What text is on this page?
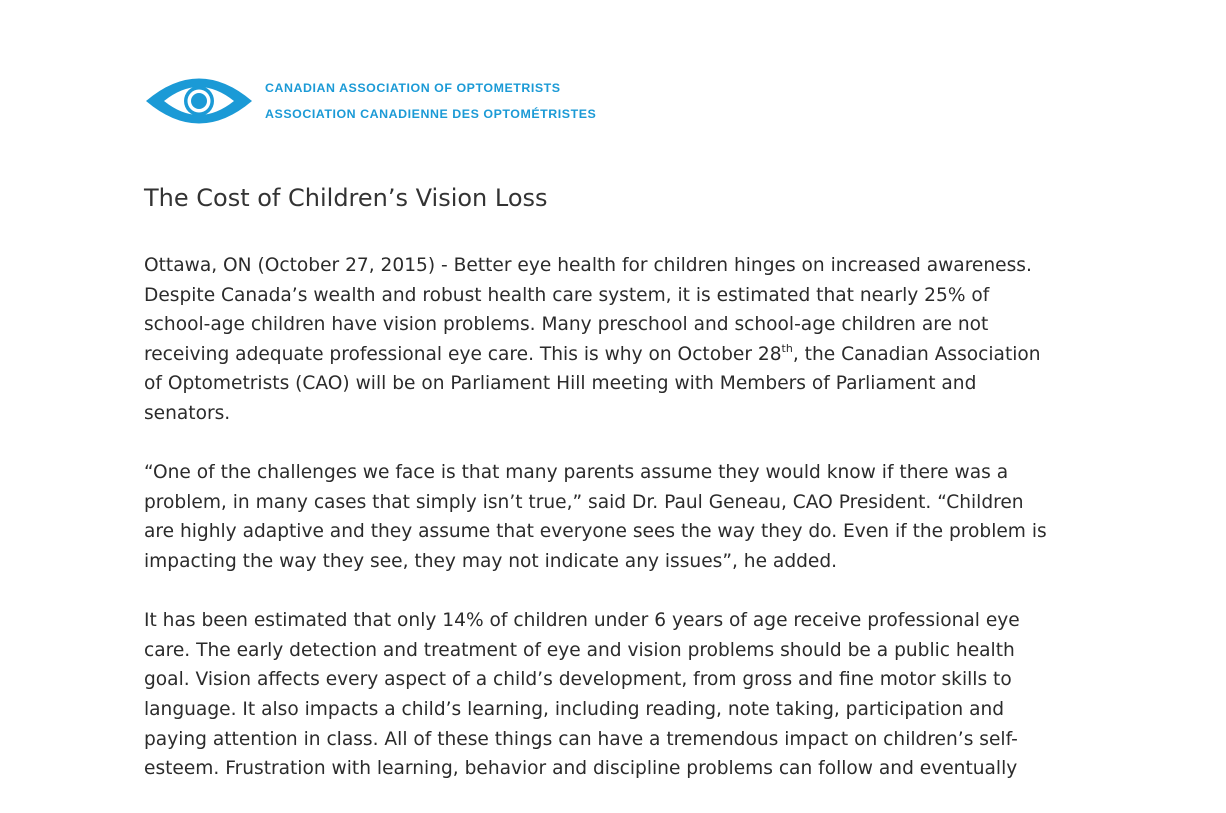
CANADIAN ASSOCIATION OF OPTOMETRISTS
ASSOCIATION CANADIENNE DES OPTOMÉTRISTES
The Cost of Children’s Vision Loss

Ottawa, ON (October 27, 2015) - Better eye health for children hinges on increased awareness.
Despite Canada’s wealth and robust health care system, it is estimated that nearly 25% of
school-age children have vision problems. Many preschool and school-age children are not
receiving adequate professional eye care. This is why on October 28th, the Canadian Association
of Optometrists (CAO) will be on Parliament Hill meeting with Members of Parliament and
senators.

“One of the challenges we face is that many parents assume they would know if there was a
problem, in many cases that simply isn’t true,” said Dr. Paul Geneau, CAO President. “Children
are highly adaptive and they assume that everyone sees the way they do. Even if the problem is
impacting the way they see, they may not indicate any issues”, he added.

It has been estimated that only 14% of children under 6 years of age receive professional eye
care. The early detection and treatment of eye and vision problems should be a public health
goal. Vision affects every aspect of a child’s development, from gross and fine motor skills to
language. It also impacts a child’s learning, including reading, note taking, participation and
paying attention in class. All of these things can have a tremendous impact on children’s self-
esteem. Frustration with learning, behavior and discipline problems can follow and eventually
